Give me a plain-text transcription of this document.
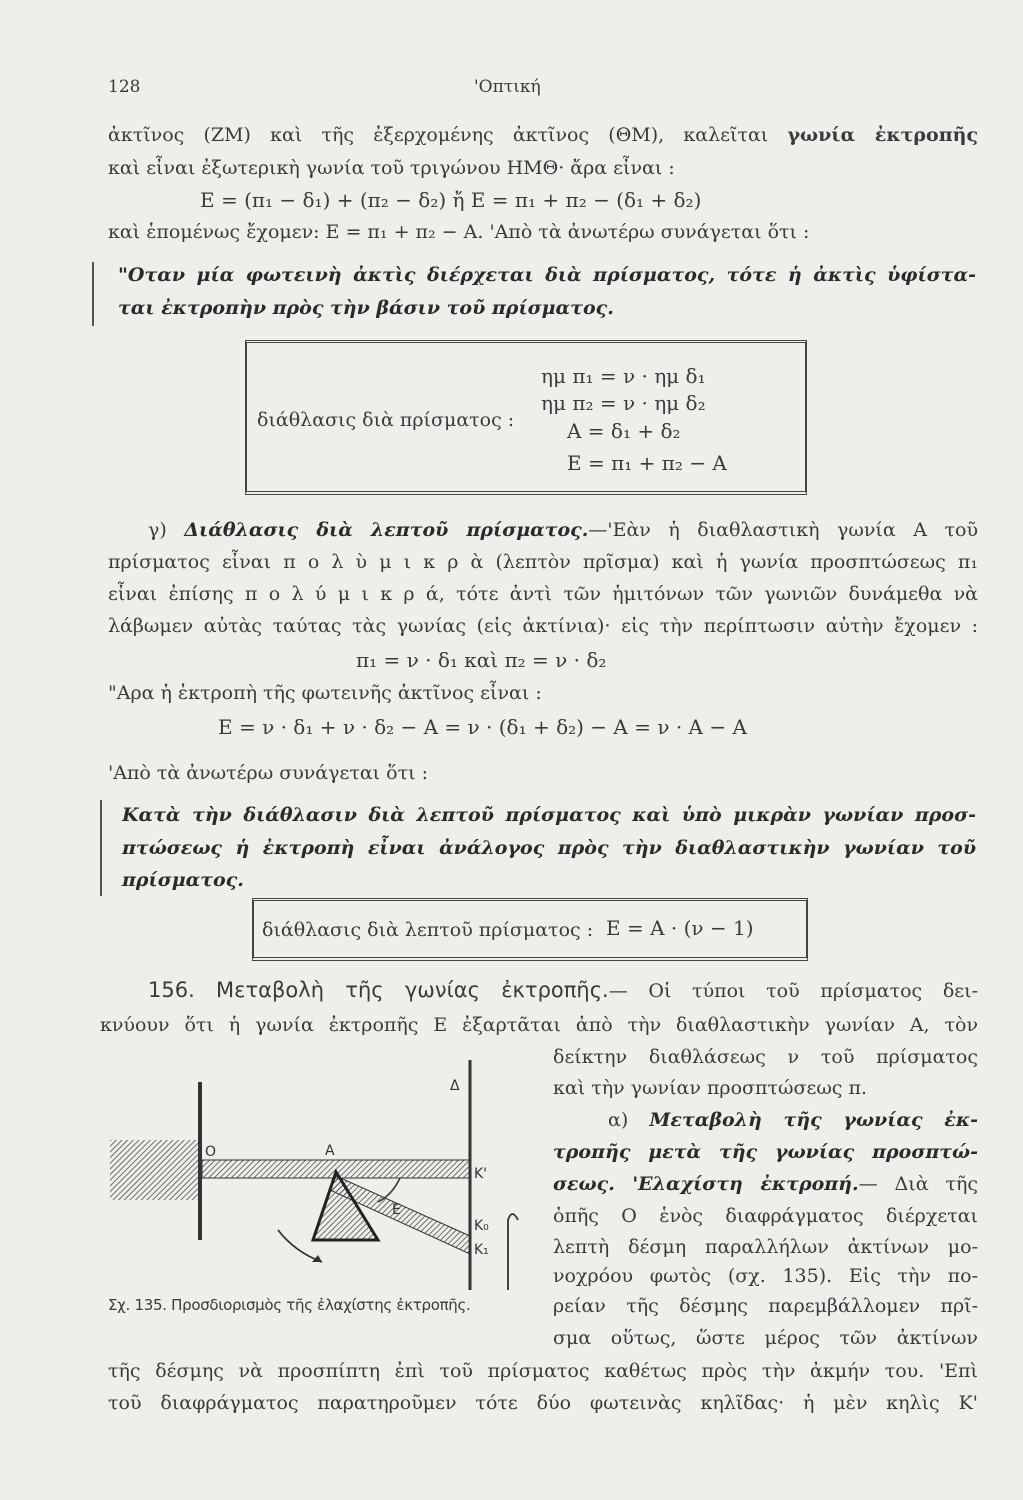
128	'Οπτική
ἀκτῖνος (ΖΜ) καὶ τῆς ἐξερχομένης ἀκτῖνος (ΘΜ), καλεῖται γωνία ἐκτροπῆς
καὶ εἶναι ἐξωτερικὴ γωνία τοῦ τριγώνου ΗΜΘ· ἄρα εἶναι :
Ε = (π₁ − δ₁) + (π₂ − δ₂) ἤ Ε = π₁ + π₂ − (δ₁ + δ₂)
καὶ ἑπομένως ἔχομεν: Ε = π₁ + π₂ − Α. 'Απὸ τὰ ἀνωτέρω συνάγεται ὅτι :
"Οταν μία φωτεινὴ ἀκτὶς διέρχεται διὰ πρίσματος, τότε ἡ ἀκτὶς ὑφίστα-
ται ἐκτροπὴν πρὸς τὴν βάσιν τοῦ πρίσματος.
διάθλασις διὰ πρίσματος :
ημ π₁ = ν · ημ δ₁
ημ π₂ = ν · ημ δ₂
Α = δ₁ + δ₂
Ε = π₁ + π₂ − Α
γ) Διάθλασις διὰ λεπτοῦ πρίσματος.—'Εὰν ἡ διαθλαστικὴ γωνία Α τοῦ
πρίσματος εἶναι π ο λ ὺ μ ι κ ρ ὰ (λεπτὸν πρῖσμα) καὶ ἡ γωνία προσπτώσεως π₁
εἶναι ἐπίσης π ο λ ύ μ ι κ ρ ά, τότε ἀντὶ τῶν ἡμιτόνων τῶν γωνιῶν δυνάμεθα νὰ
λάβωμεν αὐτὰς ταύτας τὰς γωνίας (εἰς ἀκτίνια)· εἰς τὴν περίπτωσιν αὐτὴν ἔχομεν :
π₁ = ν · δ₁ καὶ π₂ = ν · δ₂
"Αρα ἡ ἐκτροπὴ τῆς φωτεινῆς ἀκτῖνος εἶναι :
Ε = ν · δ₁ + ν · δ₂ − Α = ν · (δ₁ + δ₂) − Α = ν · Α − Α
'Απὸ τὰ ἀνωτέρω συνάγεται ὅτι :
Κατὰ τὴν διάθλασιν διὰ λεπτοῦ πρίσματος καὶ ὑπὸ μικρὰν γωνίαν προσ-
πτώσεως ἡ ἐκτροπὴ εἶναι ἀνάλογος πρὸς τὴν διαθλαστικὴν γωνίαν τοῦ
πρίσματος.
διάθλασις διὰ λεπτοῦ πρίσματος : Ε = Α · (ν − 1)
156. Μεταβολὴ τῆς γωνίας ἐκτροπῆς.— Οἱ τύποι τοῦ πρίσματος δει-
κνύουν ὅτι ἡ γωνία ἐκτροπῆς Ε ἐξαρτᾶται ἀπὸ τὴν διαθλαστικὴν γωνίαν Α, τὸν
δείκτην διαθλάσεως ν τοῦ πρίσματος
καὶ τὴν γωνίαν προσπτώσεως π.
α) Μεταβολὴ τῆς γωνίας ἐκ-
τροπῆς μετὰ τῆς γωνίας προσπτώ-
σεως. 'Ελαχίστη ἐκτροπή.— Διὰ τῆς
ὀπῆς Ο ἑνὸς διαφράγματος διέρχεται
λεπτὴ δέσμη παραλλήλων ἀκτίνων μο-
νοχρόου φωτὸς (σχ. 135). Εἰς τὴν πο-
ρείαν τῆς δέσμης παρεμβάλλομεν πρῖ-
σμα οὕτως, ὥστε μέρος τῶν ἀκτίνων
τῆς δέσμης νὰ προσπίπτη ἐπὶ τοῦ πρίσματος καθέτως πρὸς τὴν ἀκμήν του. 'Επὶ
τοῦ διαφράγματος παρατηροῦμεν τότε δύο φωτεινὰς κηλῖδας· ἡ μὲν κηλὶς Κ'
Σχ. 135. Προσδιορισμὸς τῆς ἐλαχίστης ἐκτροπῆς.
O	A
Δ
K'
E
K₀
K₁
